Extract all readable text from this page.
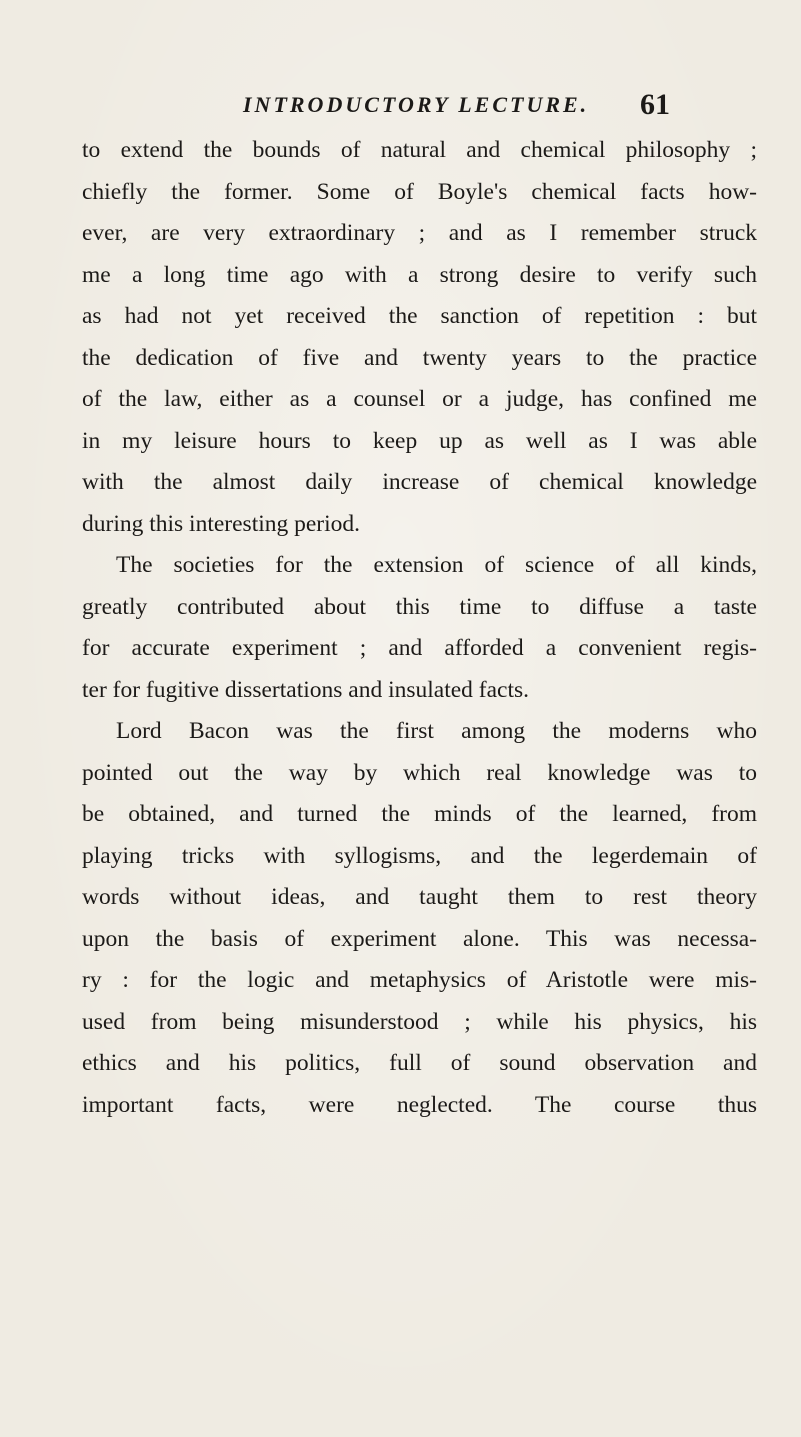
INTRODUCTORY LECTURE. 61
to extend the bounds of natural and chemical philosophy ;
chiefly the former. Some of Boyle's chemical facts how-
ever, are very extraordinary ; and as I remember struck
me a long time ago with a strong desire to verify such
as had not yet received the sanction of repetition : but
the dedication of five and twenty years to the practice
of the law, either as a counsel or a judge, has confined me
in my leisure hours to keep up as well as I was able
with the almost daily increase of chemical knowledge
during this interesting period.
The societies for the extension of science of all kinds,
greatly contributed about this time to diffuse a taste
for accurate experiment ; and afforded a convenient regis-
ter for fugitive dissertations and insulated facts.
Lord Bacon was the first among the moderns who
pointed out the way by which real knowledge was to
be obtained, and turned the minds of the learned, from
playing tricks with syllogisms, and the legerdemain of
words without ideas, and taught them to rest theory
upon the basis of experiment alone. This was necessa-
ry : for the logic and metaphysics of Aristotle were mis-
used from being misunderstood ; while his physics, his
ethics and his politics, full of sound observation and
important facts, were neglected. The course thus
